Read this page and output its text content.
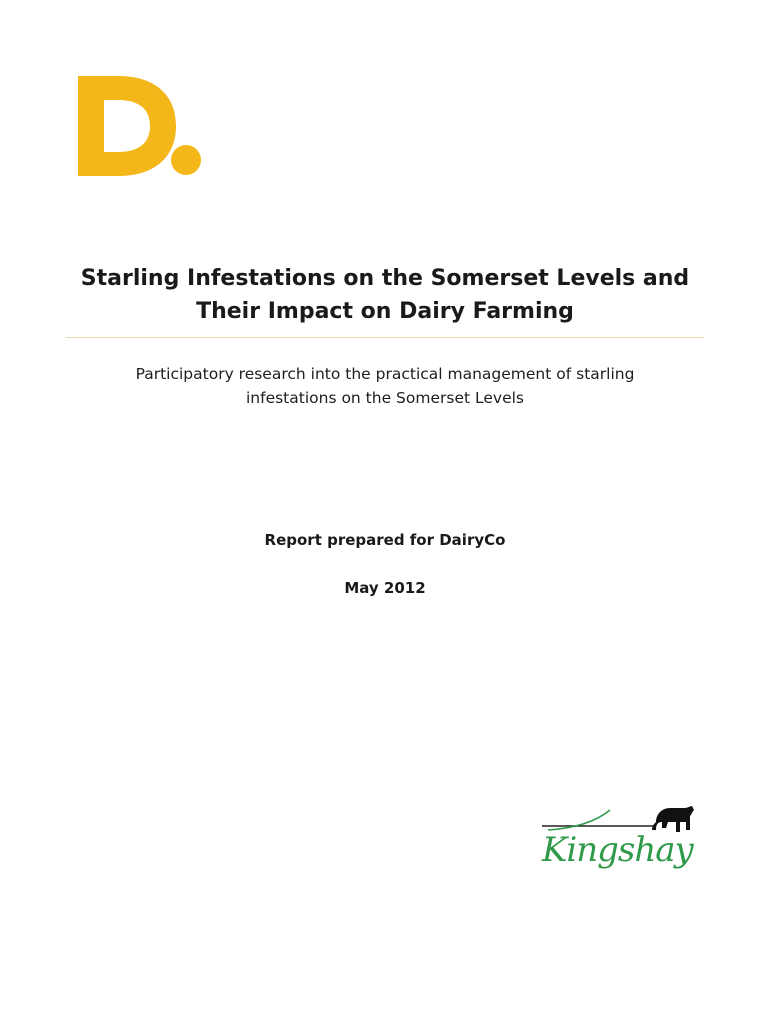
Starling Infestations on the Somerset Levels and
Their Impact on Dairy Farming

Participatory research into the practical management of starling
infestations on the Somerset Levels

Report prepared for DairyCo
May 2012
Kingshay
